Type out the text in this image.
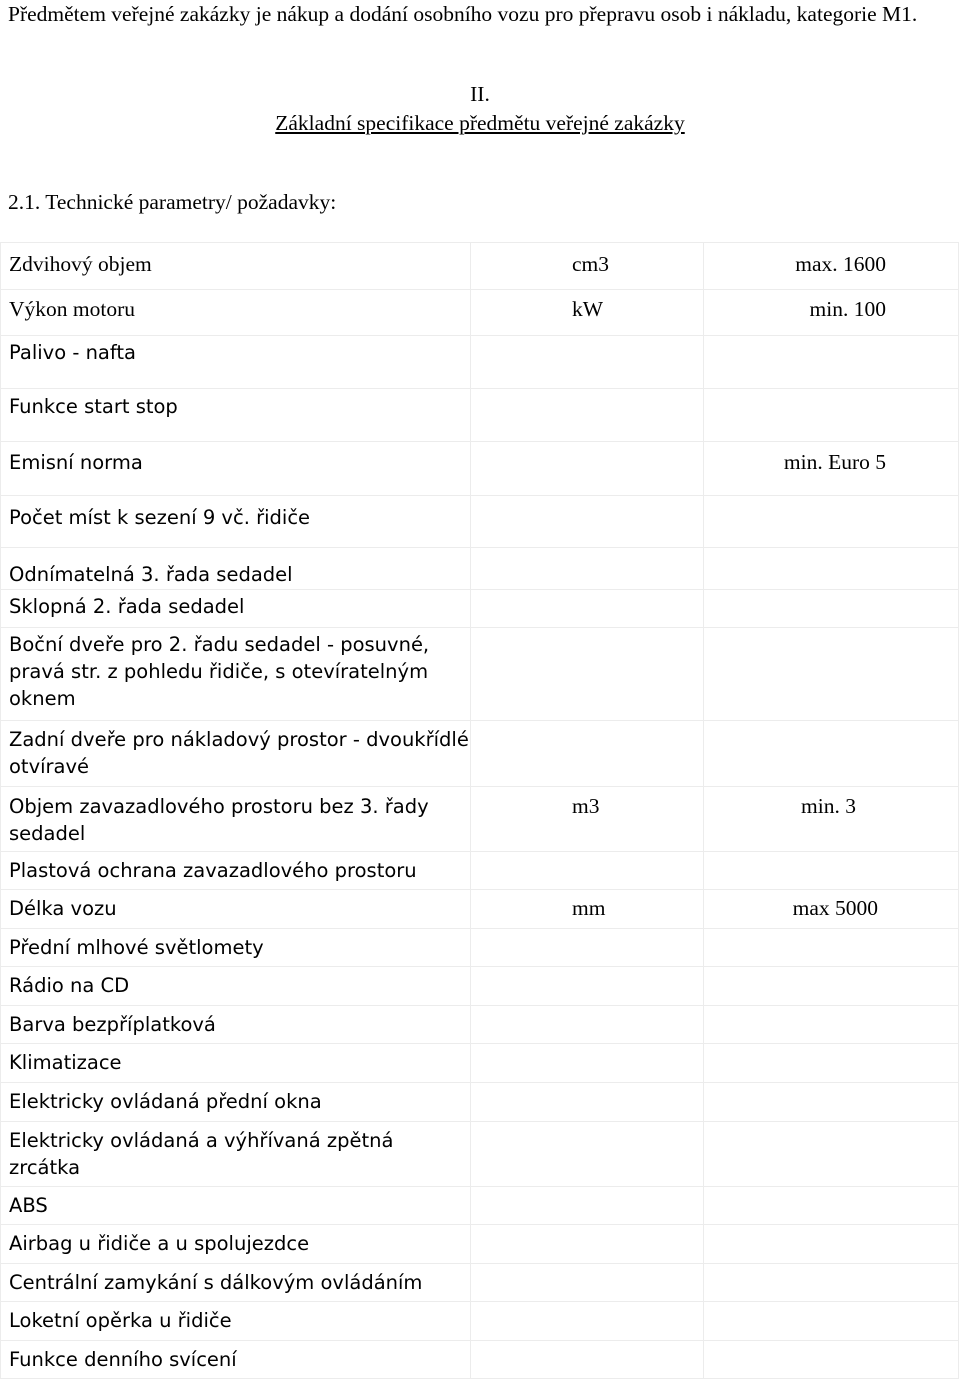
Předmětem veřejné zakázky je nákup a dodání osobního vozu pro přepravu osob i nákladu, kategorie M1.
II.
Základní specifikace předmětu veřejné zakázky
2.1. Technické parametry/ požadavky:
Zdvihový objem	cm3	max. 1600

Výkon motoru	kW	min. 100

Palivo - nafta		

Funkce start stop		

Emisní norma		min. Euro 5

Počet míst k sezení 9 vč. řidiče		

Odnímatelná 3. řada sedadel		

Sklopná 2. řada sedadel		

Boční dveře pro 2. řadu sedadel - posuvné, pravá str. z pohledu řidiče, s otevíratelným oknem		

Zadní dveře pro nákladový prostor - dvoukřídlé otvíravé		

Objem zavazadlového prostoru bez 3. řady sedadel	m3	min. 3

Plastová ochrana zavazadlového prostoru		

Délka vozu	mm	max 5000

Přední mlhové světlomety		

Rádio na CD		

Barva bezpříplatková		

Klimatizace		

Elektricky ovládaná přední okna		

Elektricky ovládaná a výhřívaná zpětná zrcátka		

ABS		

Airbag u řidiče a u spolujezdce		

Centrální zamykání s dálkovým ovládáním		

Loketní opěrka u řidiče		

Funkce denního svícení		
